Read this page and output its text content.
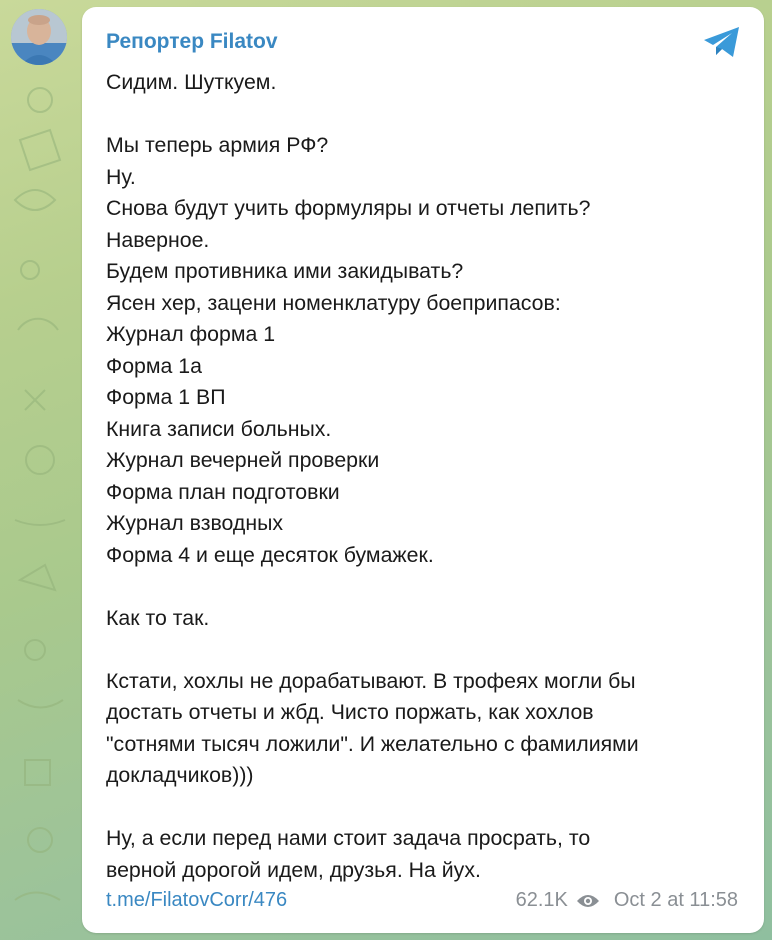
Репортер Filatov
Сидим. Шуткуем.
Мы теперь армия РФ?
Ну.
Снова будут учить формуляры и отчеты лепить?
Наверное.
Будем противника ими закидывать?
Ясен хер, зацени номенклатуру боеприпасов:
Журнал форма 1
Форма 1а
Форма 1 ВП
Книга записи больных.
Журнал вечерней проверки
Форма план подготовки
Журнал взводных
Форма 4 и еще десяток бумажек.
Как то так.
Кстати, хохлы не дорабатывают. В трофеях могли бы
достать отчеты и жбд. Чисто поржать, как хохлов
"сотнями тысяч ложили". И желательно с фамилиями
докладчиков)))
Ну, а если перед нами стоит задача просрать, то
верной дорогой идем, друзья. На йух.
t.me/FilatovCorr/476	62.1K Oct 2 at 11:58
